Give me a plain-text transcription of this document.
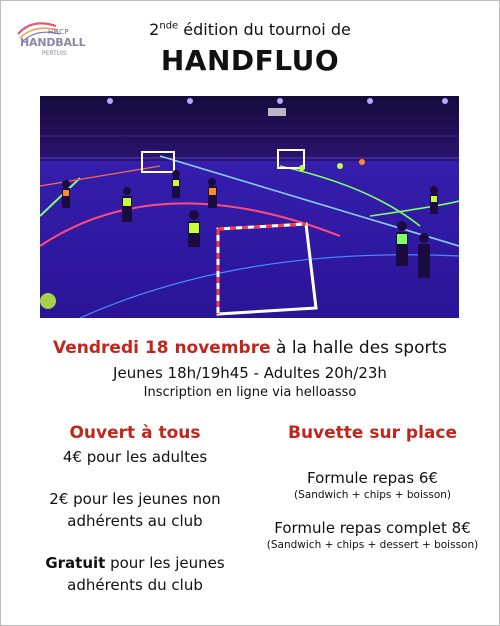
HBCP
HANDBALL
PERTUIS
2nde édition du tournoi de
HANDFLUO
Vendredi 18 novembre à la halle des sports
Jeunes 18h/19h45 - Adultes 20h/23h
Inscription en ligne via helloasso
Ouvert à tous
4€ pour les adultes
2€ pour les jeunes non
adhérents au club
Gratuit pour les jeunes
adhérents du club
Buvette sur place
Formule repas 6€
(Sandwich + chips + boisson)
Formule repas complet 8€
(Sandwich + chips + dessert + boisson)
